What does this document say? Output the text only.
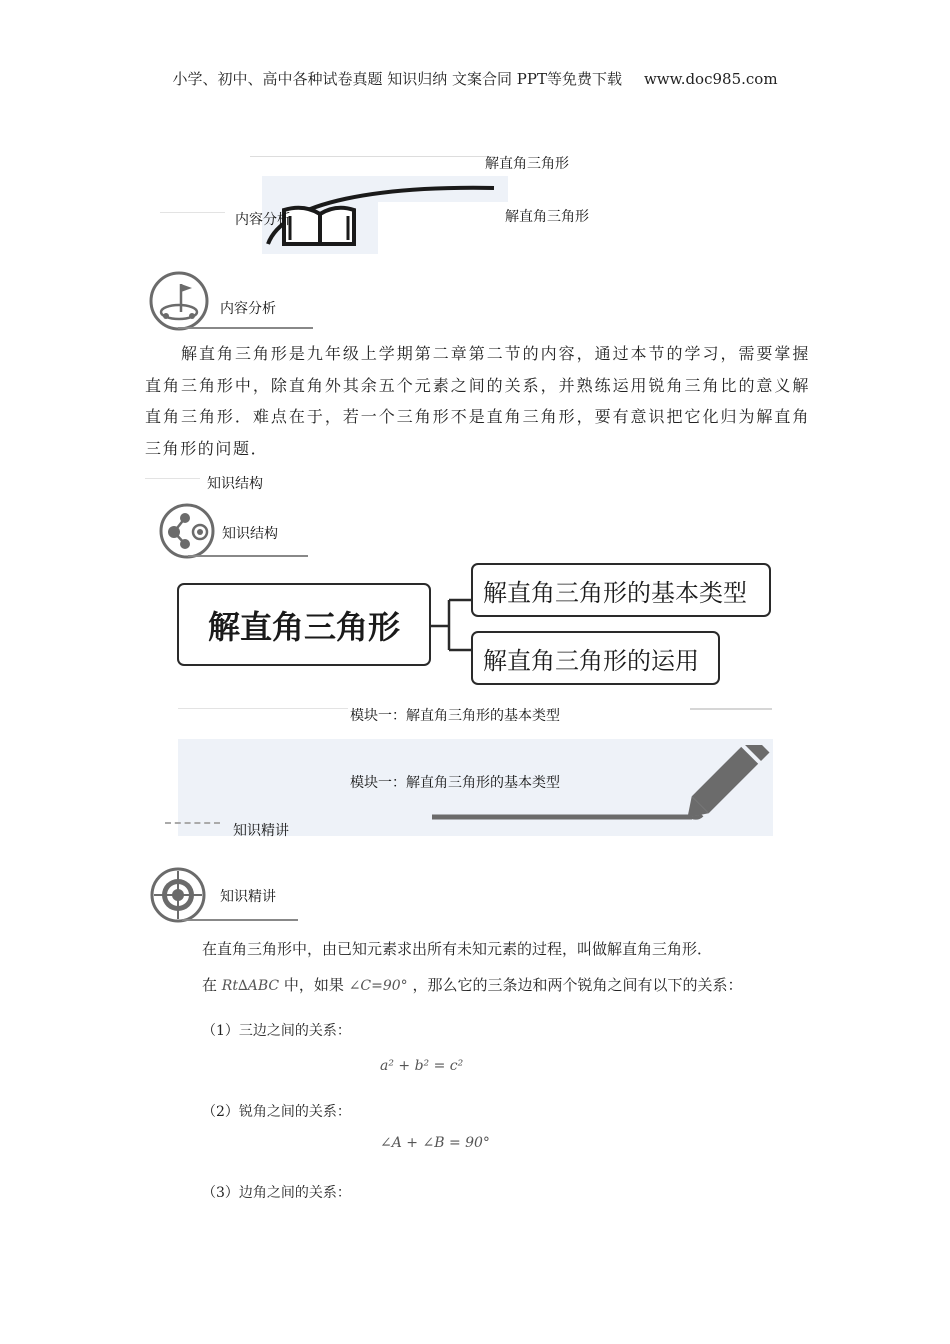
小学、初中、高中各种试卷真题 知识归纳 文案合同 PPT等免费下载 www.doc985.com
解直角三角形
内容分析	解直角三角形
内容分析
解直角三角形是九年级上学期第二章第二节的内容，通过本节的学习，需要掌握直角三角形中，除直角外其余五个元素之间的关系，并熟练运用锐角三角比的意义解直角三角形．难点在于，若一个三角形不是直角三角形，要有意识把它化归为解直角三角形的问题．
知识结构
知识结构
解直角三角形
解直角三角形的基本类型
解直角三角形的运用
模块一：解直角三角形的基本类型
模块一：解直角三角形的基本类型
知识精讲
知识精讲
在直角三角形中，由已知元素求出所有未知元素的过程，叫做解直角三角形．
在 Rt∆ABC 中，如果 ∠C=90° ，那么它的三条边和两个锐角之间有以下的关系：
（1）三边之间的关系：
a² + b² = c²
（2）锐角之间的关系：
∠A + ∠B = 90°
（3）边角之间的关系：
